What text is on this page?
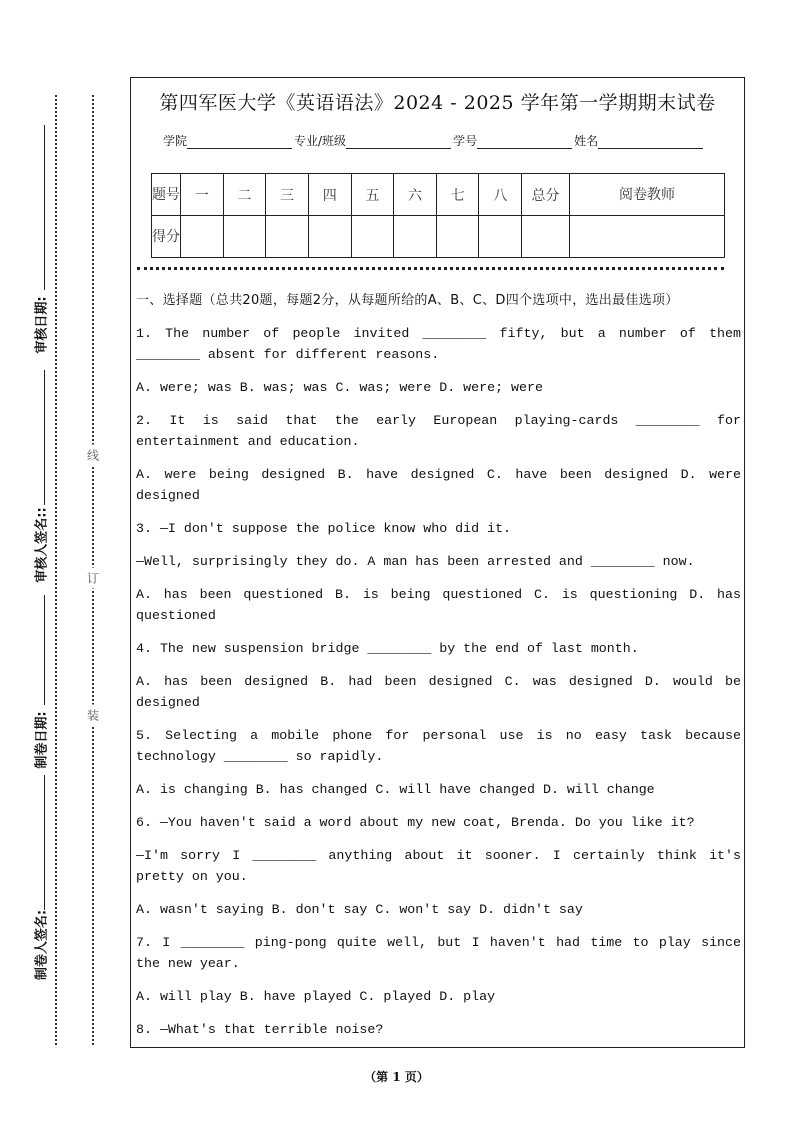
审核日期:
审核人签名::
制卷日期:
制卷人签名:
线
订
装
第四军医大学《英语语法》2024 - 2025 学年第一学期期末试卷
学院	专业/班级	学号	姓名
题号	一	二	三	四	五	六	七	八	总分	阅卷教师
得分										

一、选择题（总共20题，每题2分，从每题所给的A、B、C、D四个选项中，选出最佳选项）

1. The number of people invited ________ fifty, but a number of them ________ absent for different reasons.

A. were; was B. was; was C. was; were D. were; were

2. It is said that the early European playing-cards ________ for entertainment and education.

A. were being designed B. have designed C. have been designed D. were designed

3. —I don't suppose the police know who did it.

—Well, surprisingly they do. A man has been arrested and ________ now.

A. has been questioned B. is being questioned C. is questioning D. has questioned

4. The new suspension bridge ________ by the end of last month.

A. has been designed B. had been designed C. was designed D. would be designed

5. Selecting a mobile phone for personal use is no easy task because technology ________ so rapidly.

A. is changing B. has changed C. will have changed D. will change

6. —You haven't said a word about my new coat, Brenda. Do you like it?

—I'm sorry I ________ anything about it sooner. I certainly think it's pretty on you.

A. wasn't saying B. don't say C. won't say D. didn't say

7. I ________ ping-pong quite well, but I haven't had time to play since the new year.

A. will play B. have played C. played D. play

8. —What's that terrible noise?

（第 1 页）
